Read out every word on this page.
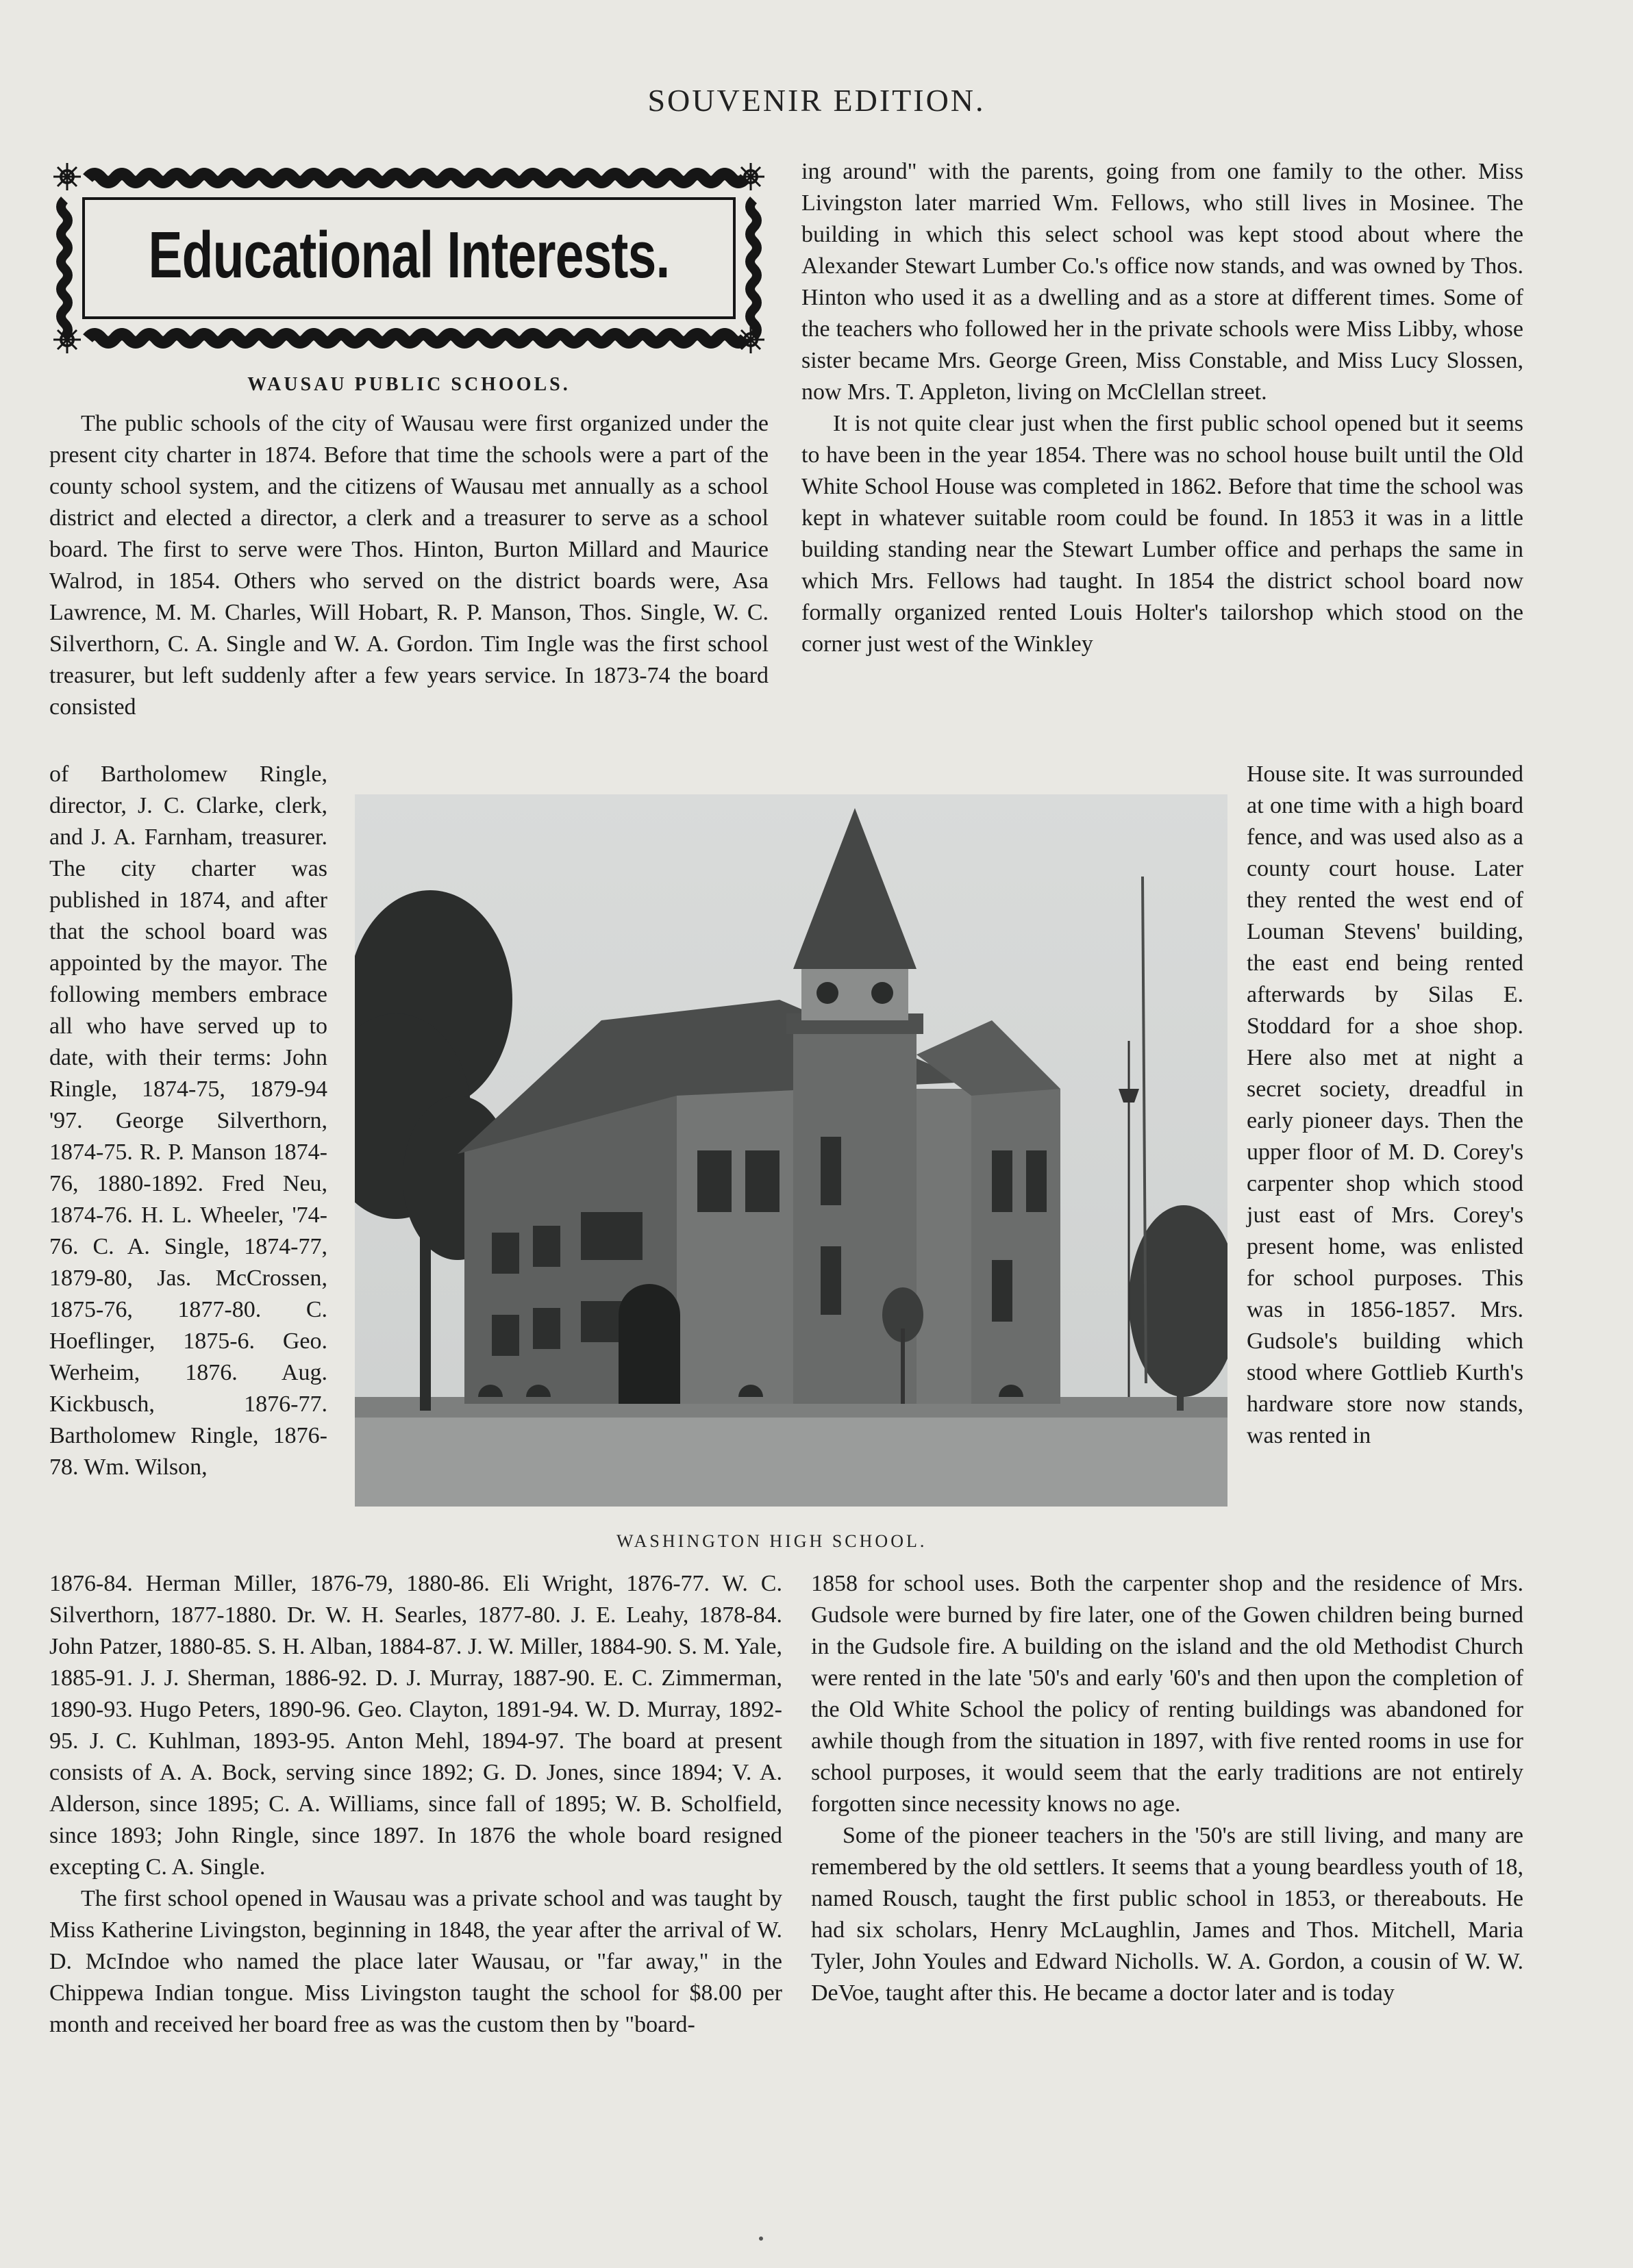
SOUVENIR EDITION.
Educational Interests.
WAUSAU PUBLIC SCHOOLS.

The public schools of the city of Wausau were first organized under the present city charter in 1874. Before that time the schools were a part of the county school system, and the citizens of Wausau met annually as a school district and elected a director, a clerk and a treasurer to serve as a school board. The first to serve were Thos. Hinton, Burton Millard and Maurice Walrod, in 1854. Others who served on the district boards were, Asa Lawrence, M. M. Charles, Will Hobart, R. P. Manson, Thos. Single, W. C. Silverthorn, C. A. Single and W. A. Gordon. Tim Ingle was the first school treasurer, but left suddenly after a few years service. In 1873-74 the board consisted

of Bartholomew Ringle, director, J. C. Clarke, clerk, and J. A. Farnham, treasurer. The city charter was published in 1874, and after that the school board was appointed by the mayor. The following members embrace all who have served up to date, with their terms: John Ringle, 1874-75, 1879-94 '97. George Silverthorn, 1874-75. R. P. Manson 1874-76, 1880-1892. Fred Neu, 1874-76. H. L. Wheeler, '74-76. C. A. Single, 1874-77, 1879-80, Jas. McCrossen, 1875-76, 1877-80. C. Hoeflinger, 1875-6. Geo. Werheim, 1876. Aug. Kickbusch, 1876-77. Bartholomew Ringle, 1876-78. Wm. Wilson,

WASHINGTON HIGH SCHOOL.

1876-84. Herman Miller, 1876-79, 1880-86. Eli Wright, 1876-77. W. C. Silverthorn, 1877-1880. Dr. W. H. Searles, 1877-80. J. E. Leahy, 1878-84. John Patzer, 1880-85. S. H. Alban, 1884-87. J. W. Miller, 1884-90. S. M. Yale, 1885-91. J. J. Sherman, 1886-92. D. J. Murray, 1887-90. E. C. Zimmerman, 1890-93. Hugo Peters, 1890-96. Geo. Clayton, 1891-94. W. D. Murray, 1892-95. J. C. Kuhlman, 1893-95. Anton Mehl, 1894-97. The board at present consists of A. A. Bock, serving since 1892; G. D. Jones, since 1894; V. A. Alderson, since 1895; C. A. Williams, since fall of 1895; W. B. Scholfield, since 1893; John Ringle, since 1897. In 1876 the whole board resigned excepting C. A. Single.

The first school opened in Wausau was a private school and was taught by Miss Katherine Livingston, beginning in 1848, the year after the arrival of W. D. McIndoe who named the place later Wausau, or "far away," in the Chippewa Indian tongue. Miss Livingston taught the school for $8.00 per month and received her board free as was the custom then by "board-

ing around" with the parents, going from one family to the other. Miss Livingston later married Wm. Fellows, who still lives in Mosinee. The building in which this select school was kept stood about where the Alexander Stewart Lumber Co.'s office now stands, and was owned by Thos. Hinton who used it as a dwelling and as a store at different times. Some of the teachers who followed her in the private schools were Miss Libby, whose sister became Mrs. George Green, Miss Constable, and Miss Lucy Slossen, now Mrs. T. Appleton, living on McClellan street.

It is not quite clear just when the first public school opened but it seems to have been in the year 1854. There was no school house built until the Old White School House was completed in 1862. Before that time the school was kept in whatever suitable room could be found. In 1853 it was in a little building standing near the Stewart Lumber office and perhaps the same in which Mrs. Fellows had taught. In 1854 the district school board now formally organized rented Louis Holter's tailorshop which stood on the corner just west of the Winkley

House site. It was surrounded at one time with a high board fence, and was used also as a county court house. Later they rented the west end of Louman Stevens' building, the east end being rented afterwards by Silas E. Stoddard for a shoe shop. Here also met at night a secret society, dreadful in early pioneer days. Then the upper floor of M. D. Corey's carpenter shop which stood just east of Mrs. Corey's present home, was enlisted for school purposes. This was in 1856-1857. Mrs. Gudsole's building which stood where Gottlieb Kurth's hardware store now stands, was rented in

1858 for school uses. Both the carpenter shop and the residence of Mrs. Gudsole were burned by fire later, one of the Gowen children being burned in the Gudsole fire. A building on the island and the old Methodist Church were rented in the late '50's and early '60's and then upon the completion of the Old White School the policy of renting buildings was abandoned for awhile though from the situation in 1897, with five rented rooms in use for school purposes, it would seem that the early traditions are not entirely forgotten since necessity knows no age.

Some of the pioneer teachers in the '50's are still living, and many are remembered by the old settlers. It seems that a young beardless youth of 18, named Rousch, taught the first public school in 1853, or thereabouts. He had six scholars, Henry McLaughlin, James and Thos. Mitchell, Maria Tyler, John Youles and Edward Nicholls. W. A. Gordon, a cousin of W. W. DeVoe, taught after this. He became a doctor later and is today
